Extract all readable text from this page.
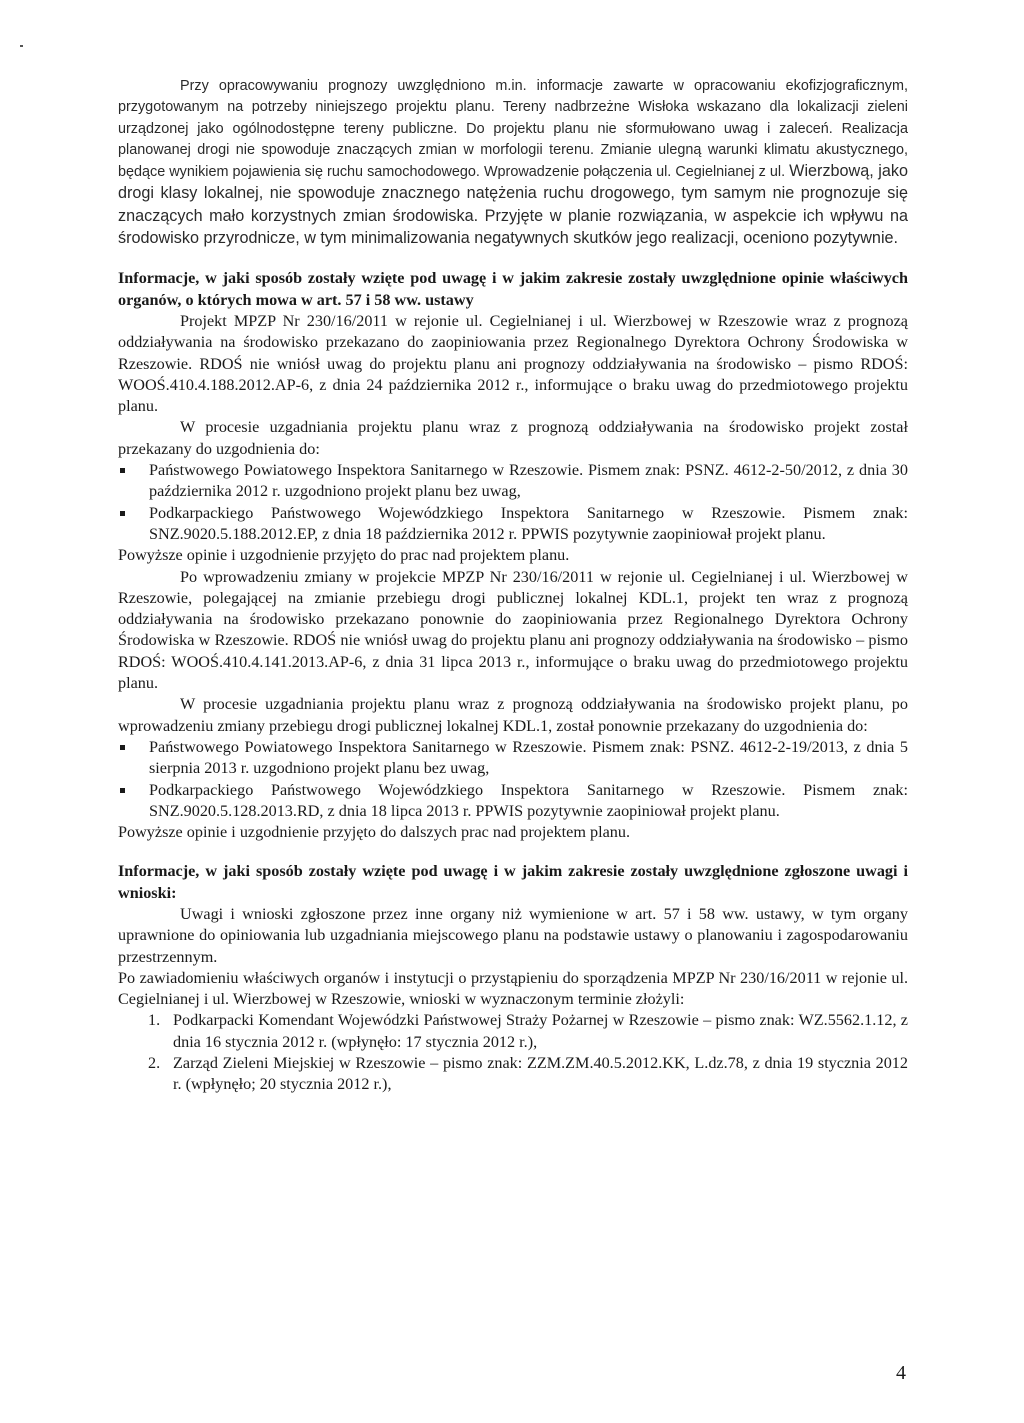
Przy opracowywaniu prognozy uwzględniono m.in. informacje zawarte w opracowaniu ekofizjograficznym, przygotowanym na potrzeby niniejszego projektu planu. Tereny nadbrzeżne Wisłoka wskazano dla lokalizacji zieleni urządzonej jako ogólnodostępne tereny publiczne. Do projektu planu nie sformułowano uwag i zaleceń. Realizacja planowanej drogi nie spowoduje znaczących zmian w morfologii terenu. Zmianie ulegną warunki klimatu akustycznego, będące wynikiem pojawienia się ruchu samochodowego. Wprowadzenie połączenia ul. Cegielnianej z ul. Wierzbową, jako drogi klasy lokalnej, nie spowoduje znacznego natężenia ruchu drogowego, tym samym nie prognozuje się znaczących mało korzystnych zmian środowiska. Przyjęte w planie rozwiązania, w aspekcie ich wpływu na środowisko przyrodnicze, w tym minimalizowania negatywnych skutków jego realizacji, oceniono pozytywnie.

Informacje, w jaki sposób zostały wzięte pod uwagę i w jakim zakresie zostały uwzględnione opinie właściwych organów, o których mowa w art. 57 i 58 ww. ustawy

Projekt MPZP Nr 230/16/2011 w rejonie ul. Cegielnianej i ul. Wierzbowej w Rzeszowie wraz z prognozą oddziaływania na środowisko przekazano do zaopiniowania przez Regionalnego Dyrektora Ochrony Środowiska w Rzeszowie. RDOŚ nie wniósł uwag do projektu planu ani prognozy oddziaływania na środowisko – pismo RDOŚ: WOOŚ.410.4.188.2012.AP-6, z dnia 24 października 2012 r., informujące o braku uwag do przedmiotowego projektu planu.

W procesie uzgadniania projektu planu wraz z prognozą oddziaływania na środowisko projekt został przekazany do uzgodnienia do:

Państwowego Powiatowego Inspektora Sanitarnego w Rzeszowie. Pismem znak: PSNZ. 4612-2-50/2012, z dnia 30 października 2012 r. uzgodniono projekt planu bez uwag,
Podkarpackiego Państwowego Wojewódzkiego Inspektora Sanitarnego w Rzeszowie. Pismem znak: SNZ.9020.5.188.2012.EP, z dnia 18 października 2012 r. PPWIS pozytywnie zaopiniował projekt planu.

Powyższe opinie i uzgodnienie przyjęto do prac nad projektem planu.

Po wprowadzeniu zmiany w projekcie MPZP Nr 230/16/2011 w rejonie ul. Cegielnianej i ul. Wierzbowej w Rzeszowie, polegającej na zmianie przebiegu drogi publicznej lokalnej KDL.1, projekt ten wraz z prognozą oddziaływania na środowisko przekazano ponownie do zaopiniowania przez Regionalnego Dyrektora Ochrony Środowiska w Rzeszowie. RDOŚ nie wniósł uwag do projektu planu ani prognozy oddziaływania na środowisko – pismo RDOŚ: WOOŚ.410.4.141.2013.AP-6, z dnia 31 lipca 2013 r., informujące o braku uwag do przedmiotowego projektu planu.

W procesie uzgadniania projektu planu wraz z prognozą oddziaływania na środowisko projekt planu, po wprowadzeniu zmiany przebiegu drogi publicznej lokalnej KDL.1, został ponownie przekazany do uzgodnienia do:

Państwowego Powiatowego Inspektora Sanitarnego w Rzeszowie. Pismem znak: PSNZ. 4612-2-19/2013, z dnia 5 sierpnia 2013 r. uzgodniono projekt planu bez uwag,
Podkarpackiego Państwowego Wojewódzkiego Inspektora Sanitarnego w Rzeszowie. Pismem znak: SNZ.9020.5.128.2013.RD, z dnia 18 lipca 2013 r. PPWIS pozytywnie zaopiniował projekt planu.

Powyższe opinie i uzgodnienie przyjęto do dalszych prac nad projektem planu.

Informacje, w jaki sposób zostały wzięte pod uwagę i w jakim zakresie zostały uwzględnione zgłoszone uwagi i wnioski:

Uwagi i wnioski zgłoszone przez inne organy niż wymienione w art. 57 i 58 ww. ustawy, w tym organy uprawnione do opiniowania lub uzgadniania miejscowego planu na podstawie ustawy o planowaniu i zagospodarowaniu przestrzennym.

Po zawiadomieniu właściwych organów i instytucji o przystąpieniu do sporządzenia MPZP Nr 230/16/2011 w rejonie ul. Cegielnianej i ul. Wierzbowej w Rzeszowie, wnioski w wyznaczonym terminie złożyli:

1. Podkarpacki Komendant Wojewódzki Państwowej Straży Pożarnej w Rzeszowie – pismo znak: WZ.5562.1.12, z dnia 16 stycznia 2012 r. (wpłynęło: 17 stycznia 2012 r.),
2. Zarząd Zieleni Miejskiej w Rzeszowie – pismo znak: ZZM.ZM.40.5.2012.KK, L.dz.78, z dnia 19 stycznia 2012 r. (wpłynęło; 20 stycznia 2012 r.),
4
